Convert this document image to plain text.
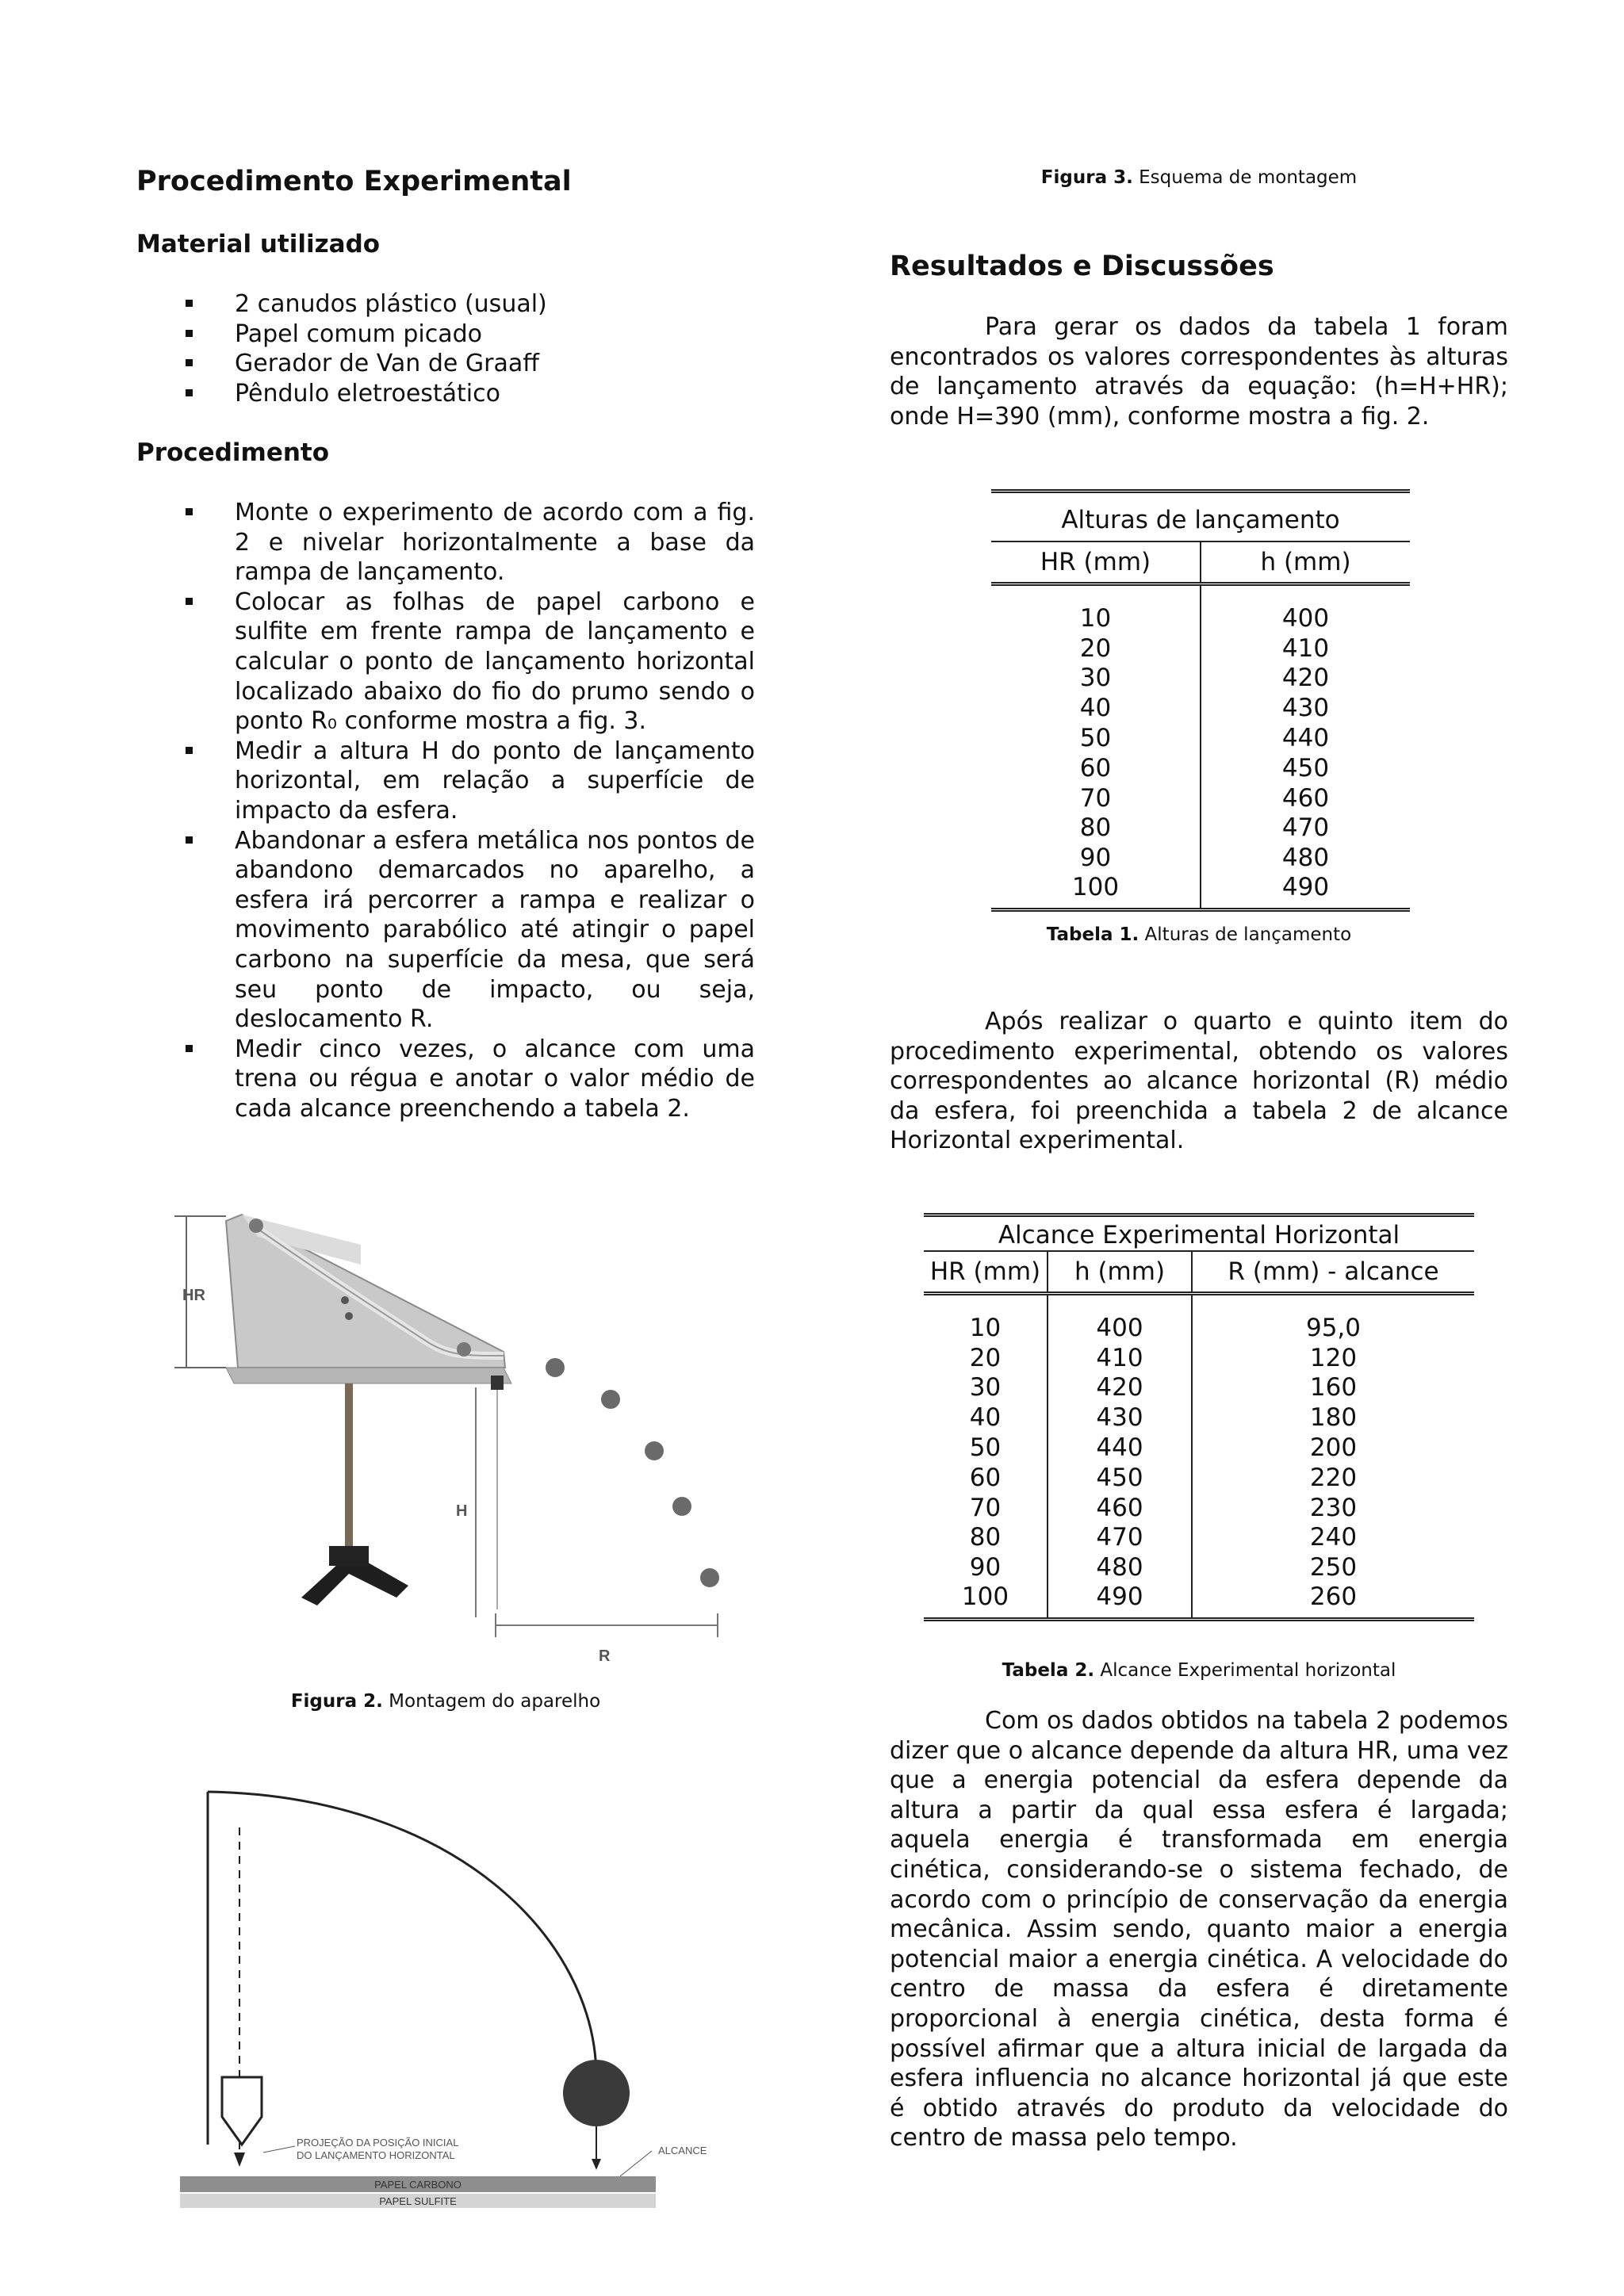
Procedimento Experimental
Material utilizado
2 canudos plástico (usual)
Papel comum picado
Gerador de Van de Graaff
Pêndulo eletroestático
Procedimento
Monte o experimento de acordo com a fig. 2 e nivelar horizontalmente a base da rampa de lançamento.
Colocar as folhas de papel carbono e sulfite em frente rampa de lançamento e calcular o ponto de lançamento horizontal localizado abaixo do fio do prumo sendo o ponto R₀ conforme mostra a fig. 3.
Medir a altura H do ponto de lançamento horizontal, em relação a superfície de impacto da esfera.
Abandonar a esfera metálica nos pontos de abandono demarcados no aparelho, a esfera irá percorrer a rampa e realizar o movimento parabólico até atingir o papel carbono na superfície da mesa, que será seu ponto de impacto, ou seja, deslocamento R.
Medir cinco vezes, o alcance com uma trena ou régua e anotar o valor médio de cada alcance preenchendo a tabela 2.
HR
H
R
Figura 2. Montagem do aparelho
PROJEÇÃO DA POSIÇÃO INICIAL
DO LANÇAMENTO HORIZONTAL	ALCANCE
PAPEL CARBONO
PAPEL SULFITE
Figura 3. Esquema de montagem
Resultados e Discussões
Para gerar os dados da tabela 1 foram encontrados os valores correspondentes às alturas de lançamento através da equação: (h=H+HR); onde H=390 (mm), conforme mostra a fig. 2.
Alturas de lançamento	
HR (mm)	h (mm)

10	400
20	410
30	420
40	430
50	440
60	450
70	460
80	470
90	480
100	490
Tabela 1. Alturas de lançamento
Após realizar o quarto e quinto item do procedimento experimental, obtendo os valores correspondentes ao alcance horizontal (R) médio da esfera, foi preenchida a tabela 2 de alcance Horizontal experimental.
Alcance Experimental Horizontal		
HR (mm)	h (mm)	R (mm) - alcance

10	400	95,0
20	410	120
30	420	160
40	430	180
50	440	200
60	450	220
70	460	230
80	470	240
90	480	250
100	490	260
Tabela 2. Alcance Experimental horizontal
Com os dados obtidos na tabela 2 podemos dizer que o alcance depende da altura HR, uma vez que a energia potencial da esfera depende da altura a partir da qual essa esfera é largada; aquela energia é transformada em energia cinética, considerando-se o sistema fechado, de acordo com o princípio de conservação da energia mecânica. Assim sendo, quanto maior a energia potencial maior a energia cinética. A velocidade do centro de massa da esfera é diretamente proporcional à energia cinética, desta forma é possível afirmar que a altura inicial de largada da esfera influencia no alcance horizontal já que este é obtido através do produto da velocidade do centro de massa pelo tempo.
